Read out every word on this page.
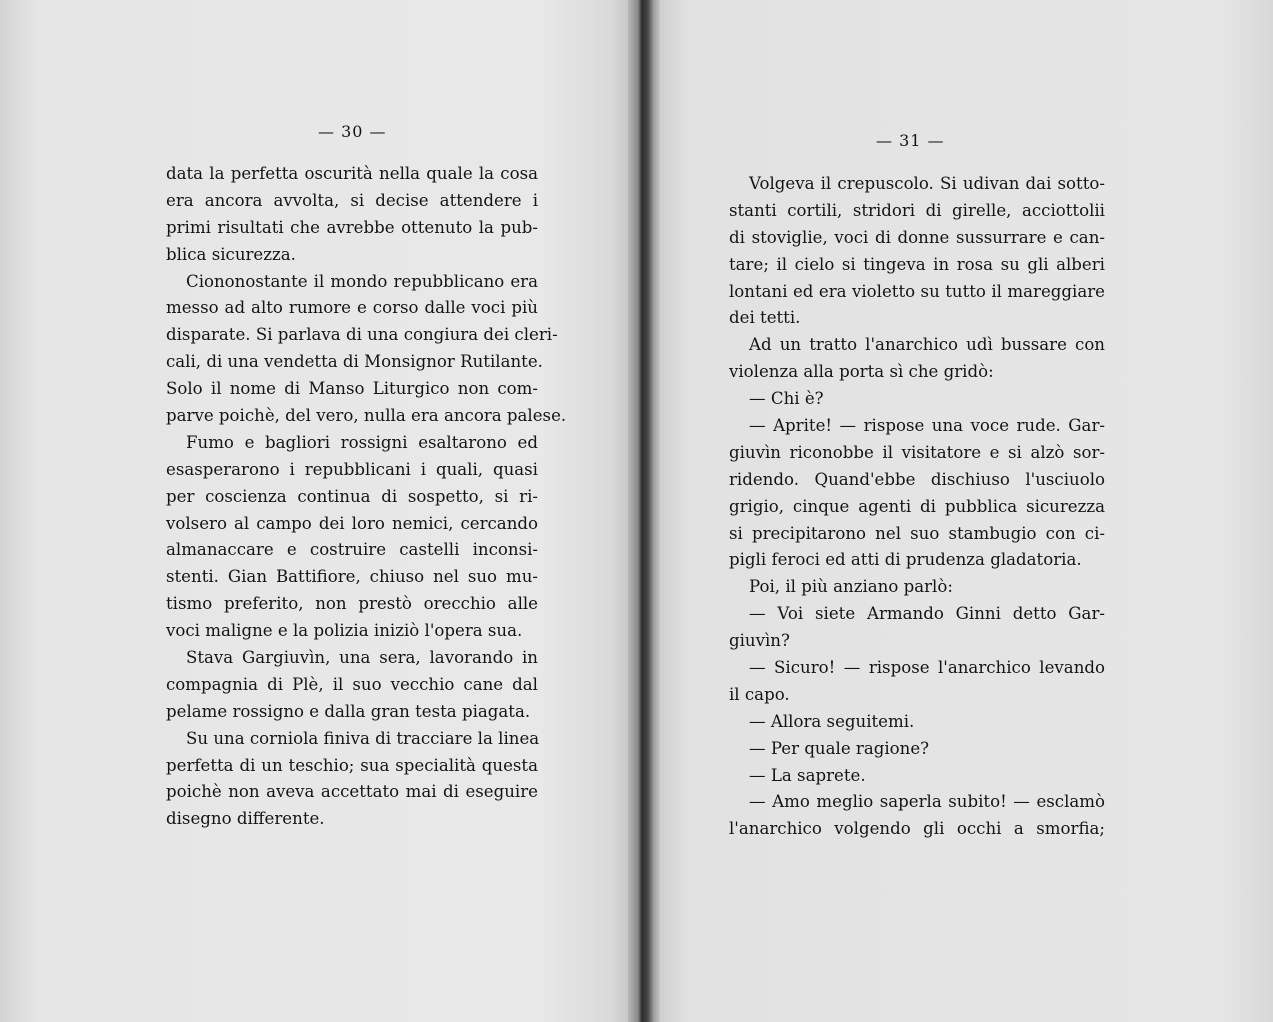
— 30 —	— 31 —
data la perfetta oscurità nella quale la cosa
era ancora avvolta, si decise attendere i
primi risultati che avrebbe ottenuto la pub-
blica sicurezza.
Ciononostante il mondo repubblicano era
messo ad alto rumore e corso dalle voci più
disparate. Si parlava di una congiura dei cleri-
cali, di una vendetta di Monsignor Rutilante.
Solo il nome di Manso Liturgico non com-
parve poichè, del vero, nulla era ancora palese.
Fumo e bagliori rossigni esaltarono ed
esasperarono i repubblicani i quali, quasi
per coscienza continua di sospetto, si ri-
volsero al campo dei loro nemici, cercando
almanaccare e costruire castelli inconsi-
stenti. Gian Battifiore, chiuso nel suo mu-
tismo preferito, non prestò orecchio alle
voci maligne e la polizia iniziò l'opera sua.
Stava Gargiuvìn, una sera, lavorando in
compagnia di Plè, il suo vecchio cane dal
pelame rossigno e dalla gran testa piagata.
Su una corniola finiva di tracciare la linea
perfetta di un teschio; sua specialità questa
poichè non aveva accettato mai di eseguire
disegno differente.
Volgeva il crepuscolo. Si udivan dai sotto-
stanti cortili, stridori di girelle, acciottolii
di stoviglie, voci di donne sussurrare e can-
tare; il cielo si tingeva in rosa su gli alberi
lontani ed era violetto su tutto il mareggiare
dei tetti.
Ad un tratto l'anarchico udì bussare con
violenza alla porta sì che gridò:
— Chi è?
— Aprite! — rispose una voce rude. Gar-
giuvìn riconobbe il visitatore e si alzò sor-
ridendo. Quand'ebbe dischiuso l'usciuolo
grigio, cinque agenti di pubblica sicurezza
si precipitarono nel suo stambugio con ci-
pigli feroci ed atti di prudenza gladatoria.
Poi, il più anziano parlò:
— Voi siete Armando Ginni detto Gar-
giuvìn?
— Sicuro! — rispose l'anarchico levando
il capo.
— Allora seguitemi.
— Per quale ragione?
— La saprete.
— Amo meglio saperla subito! — esclamò
l'anarchico volgendo gli occhi a smorfia;
